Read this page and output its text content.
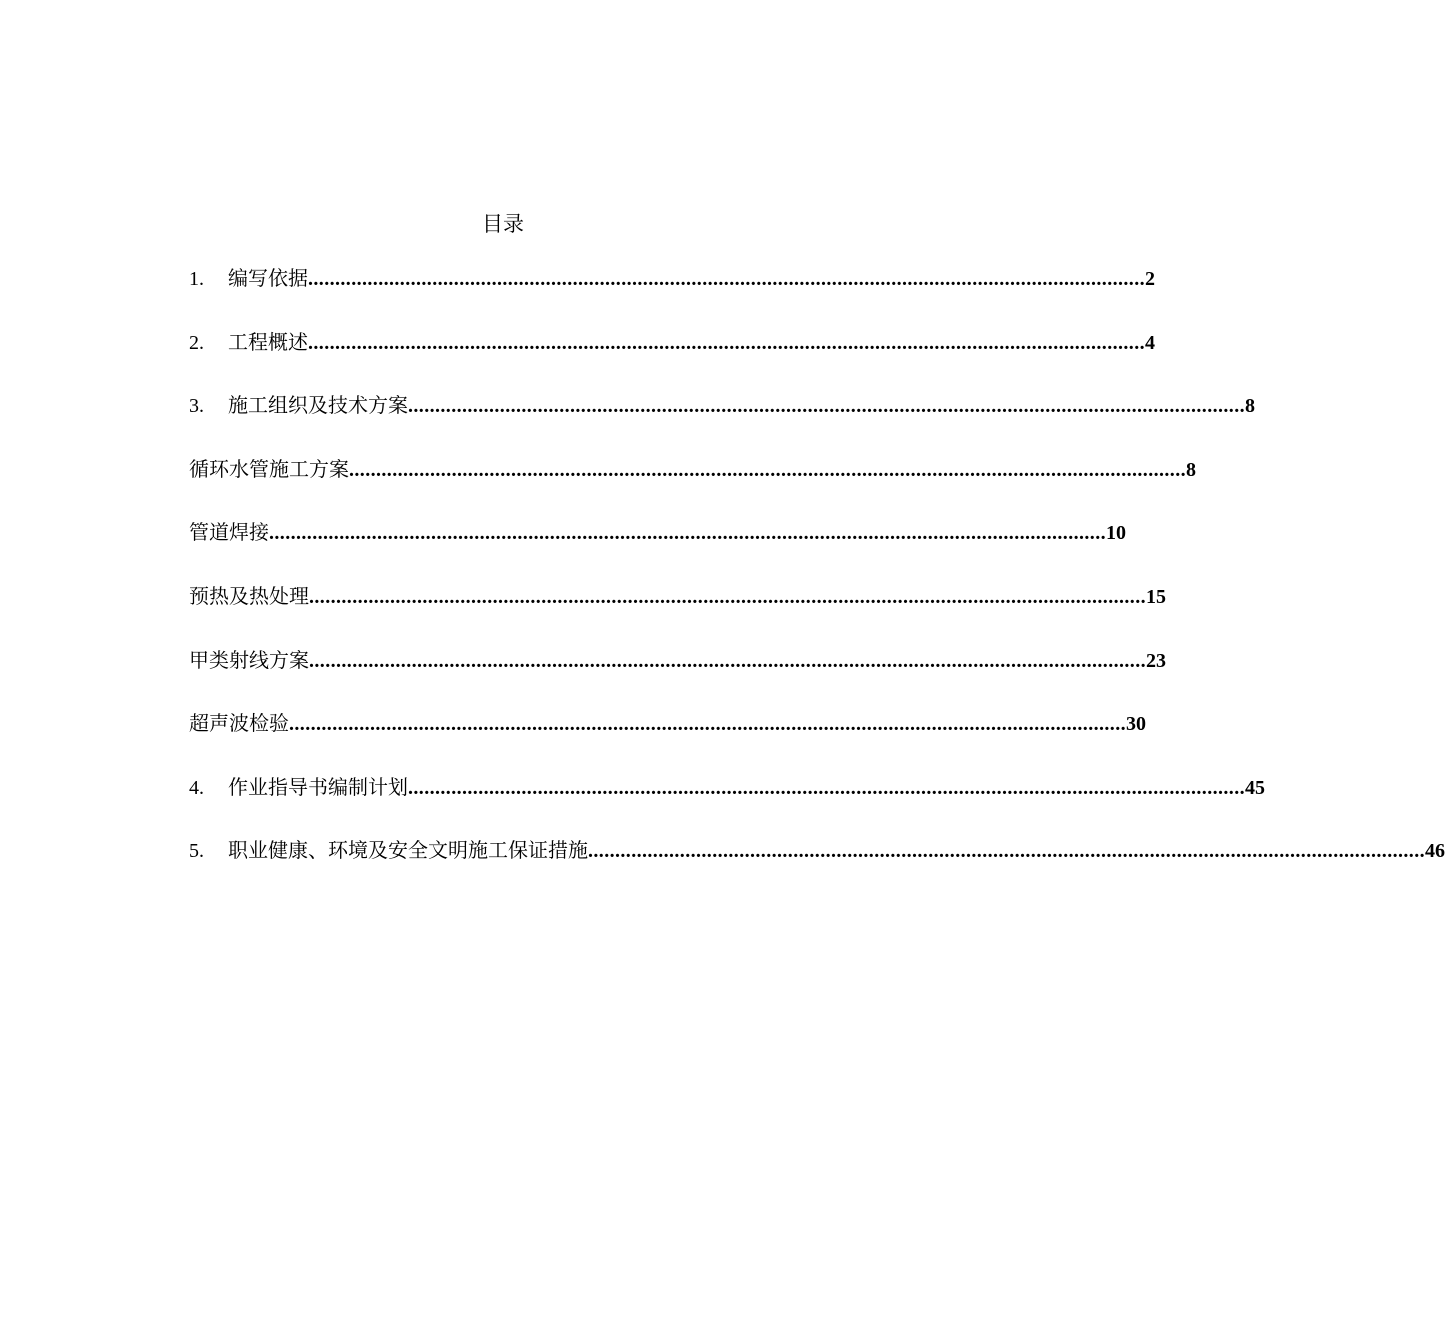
目录
1.	编写依据 ........................................................................................................................................................... 2
2.	工程概述 ........................................................................................................................................................... 4
3.	施工组织及技术方案 ........................................................................................................................................................... 8
循环水管施工方案 ........................................................................................................................................................... 8
管道焊接 ........................................................................................................................................................... 10
预热及热处理 ........................................................................................................................................................... 15
甲类射线方案 ........................................................................................................................................................... 23
超声波检验 ........................................................................................................................................................... 30
4.	作业指导书编制计划 ........................................................................................................................................................... 45
5.	职业健康、环境及安全文明施工保证措施 ........................................................................................................................................................... 46
